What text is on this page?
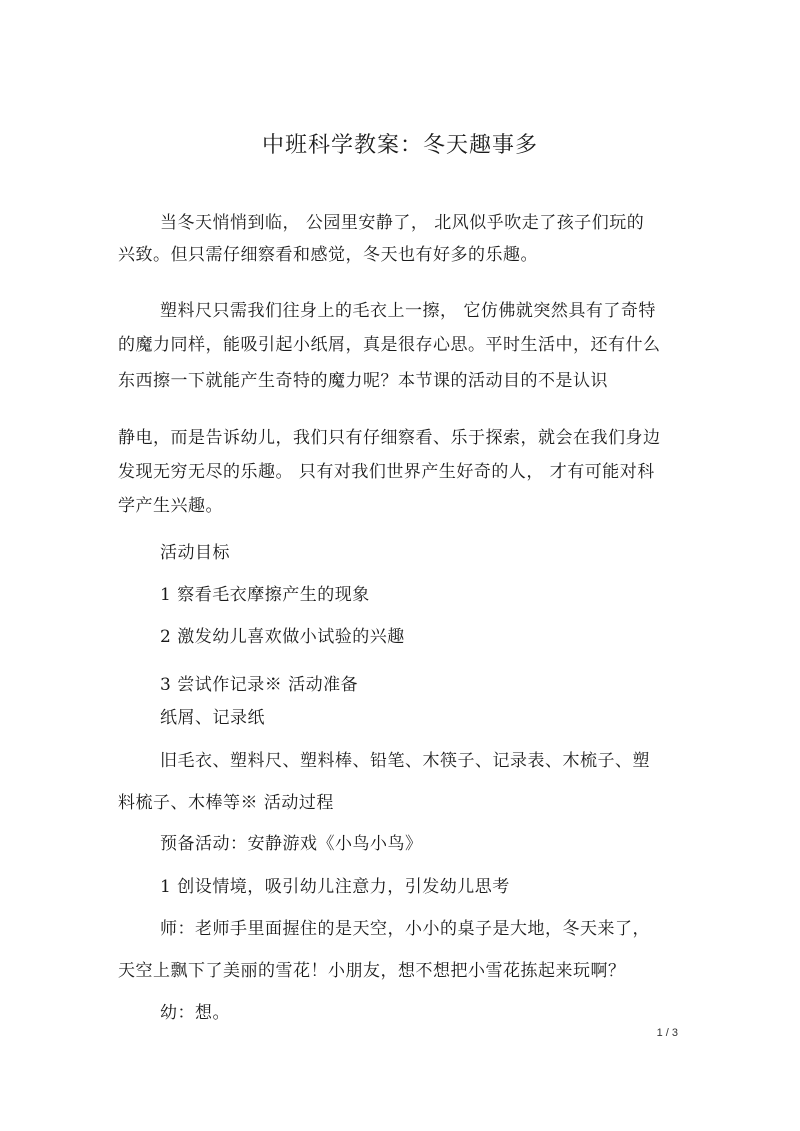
中班科学教案：冬天趣事多
当冬天悄悄到临， 公园里安静了， 北风似乎吹走了孩子们玩的
兴致。但只需仔细察看和感觉，冬天也有好多的乐趣。
塑料尺只需我们往身上的毛衣上一擦， 它仿佛就突然具有了奇特
的魔力同样，能吸引起小纸屑，真是很存心思。平时生活中，还有什么
东西擦一下就能产生奇特的魔力呢？本节课的活动目的不是认识
静电，而是告诉幼儿，我们只有仔细察看、乐于探索，就会在我们身边
发现无穷无尽的乐趣。 只有对我们世界产生好奇的人， 才有可能对科
学产生兴趣。
活动目标
1 察看毛衣摩擦产生的现象
2 激发幼儿喜欢做小试验的兴趣
3 尝试作记录※ 活动准备
纸屑、记录纸
旧毛衣、塑料尺、塑料棒、铅笔、木筷子、记录表、木梳子、塑
料梳子、木棒等※ 活动过程
预备活动：安静游戏《小鸟小鸟》
1 创设情境，吸引幼儿注意力，引发幼儿思考
师：老师手里面握住的是天空，小小的桌子是大地，冬天来了，
天空上飘下了美丽的雪花！小朋友，想不想把小雪花拣起来玩啊？
幼：想。
1 / 3
